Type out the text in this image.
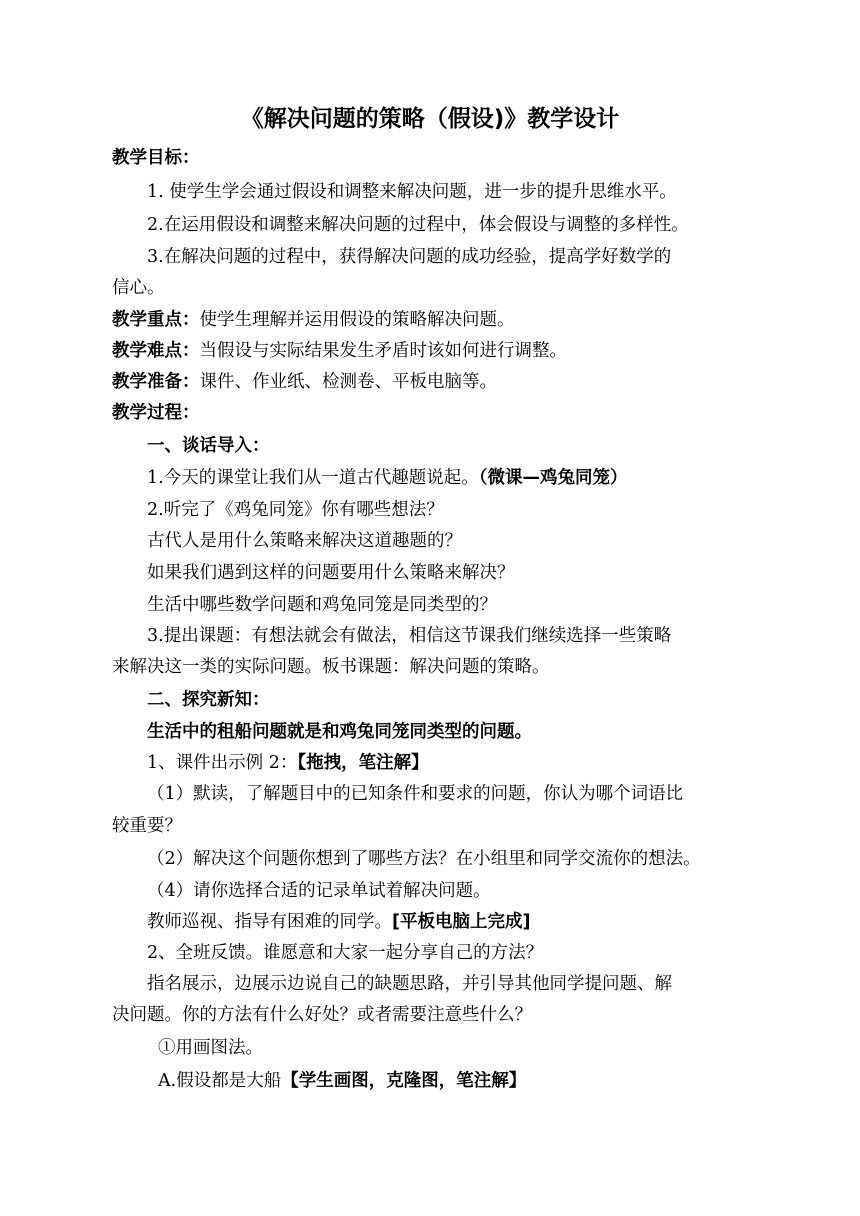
《解决问题的策略（假设)》教学设计
教学目标：
1. 使学生学会通过假设和调整来解决问题，进一步的提升思维水平。
2.在运用假设和调整来解决问题的过程中，体会假设与调整的多样性。
3.在解决问题的过程中，获得解决问题的成功经验，提高学好数学的
信心。
教学重点：使学生理解并运用假设的策略解决问题。
教学难点：当假设与实际结果发生矛盾时该如何进行调整。
教学准备：课件、作业纸、检测卷、平板电脑等。
教学过程：
一、谈话导入：
1.今天的课堂让我们从一道古代趣题说起。（微课—鸡兔同笼）
2.听完了《鸡兔同笼》你有哪些想法？
古代人是用什么策略来解决这道趣题的？
如果我们遇到这样的问题要用什么策略来解决？
生活中哪些数学问题和鸡兔同笼是同类型的？
3.提出课题：有想法就会有做法，相信这节课我们继续选择一些策略
来解决这一类的实际问题。板书课题：解决问题的策略。
二、探究新知：
生活中的租船问题就是和鸡兔同笼同类型的问题。
1、课件出示例 2：【拖拽，笔注解】
（1）默读，了解题目中的已知条件和要求的问题，你认为哪个词语比
较重要？
（2）解决这个问题你想到了哪些方法？在小组里和同学交流你的想法。
（4）请你选择合适的记录单试着解决问题。
教师巡视、指导有困难的同学。[平板电脑上完成]
2、全班反馈。谁愿意和大家一起分享自己的方法？
指名展示，边展示边说自己的缺题思路，并引导其他同学提问题、解
决问题。你的方法有什么好处？或者需要注意些什么？
①用画图法。
A.假设都是大船【学生画图，克隆图，笔注解】
